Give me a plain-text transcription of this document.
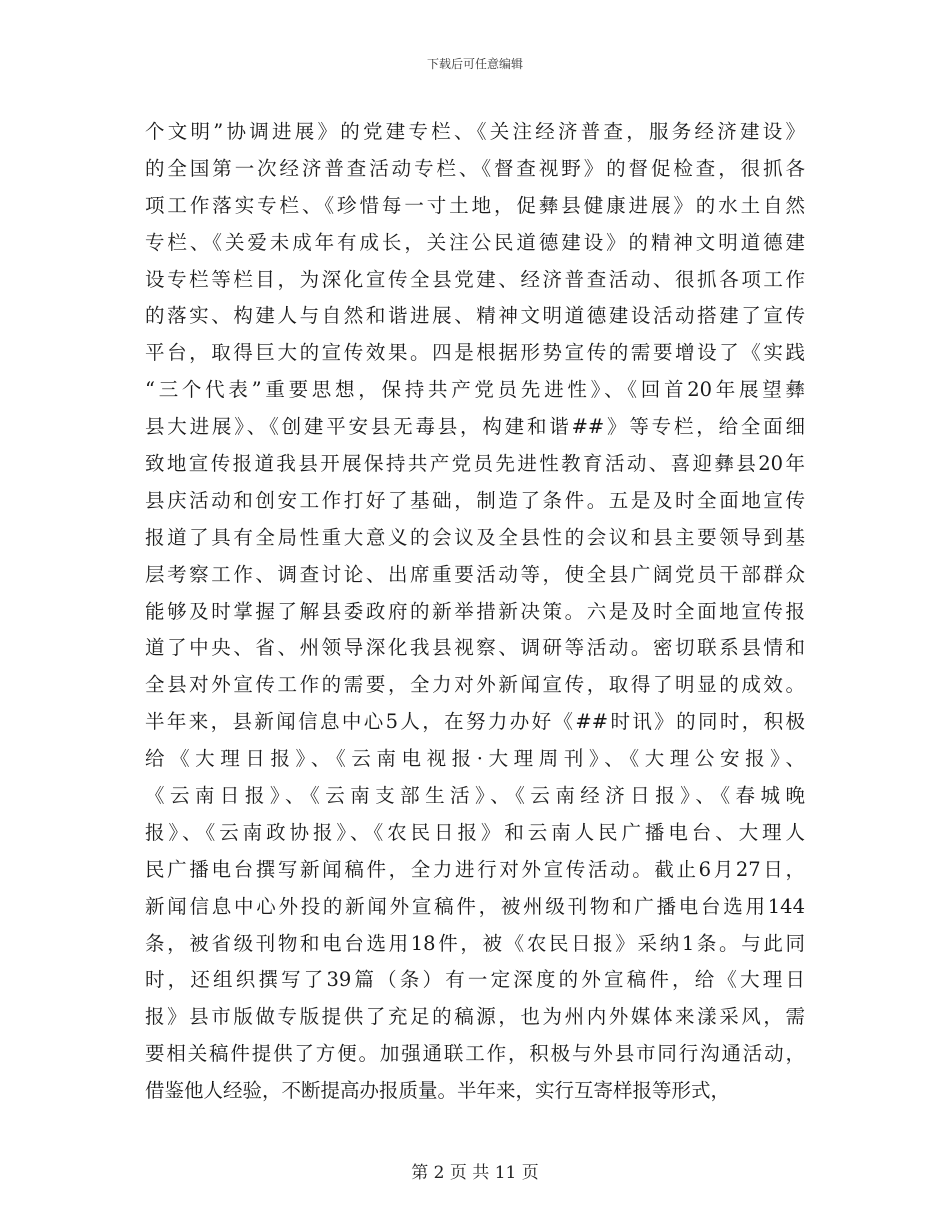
下载后可任意编辑
个文明”协调进展》的党建专栏、《关注经济普查，服务经济建设》
的全国第一次经济普查活动专栏、《督查视野》的督促检查，很抓各
项工作落实专栏、《珍惜每一寸土地，促彝县健康进展》的水土自然
专栏、《关爱未成年有成长，关注公民道德建设》的精神文明道德建
设专栏等栏目，为深化宣传全县党建、经济普查活动、很抓各项工作
的落实、构建人与自然和谐进展、精神文明道德建设活动搭建了宣传
平台，取得巨大的宣传效果。四是根据形势宣传的需要增设了《实践
“三个代表”重要思想，保持共产党员先进性》、《回首20年展望彝
县大进展》、《创建平安县无毒县，构建和谐##》等专栏，给全面细
致地宣传报道我县开展保持共产党员先进性教育活动、喜迎彝县20年
县庆活动和创安工作打好了基础，制造了条件。五是及时全面地宣传
报道了具有全局性重大意义的会议及全县性的会议和县主要领导到基
层考察工作、调查讨论、出席重要活动等，使全县广阔党员干部群众
能够及时掌握了解县委政府的新举措新决策。六是及时全面地宣传报
道了中央、省、州领导深化我县视察、调研等活动。密切联系县情和
全县对外宣传工作的需要，全力对外新闻宣传，取得了明显的成效。
半年来，县新闻信息中心5人，在努力办好《##时讯》的同时，积极
给《大理日报》、《云南电视报·大理周刊》、《大理公安报》、
《云南日报》、《云南支部生活》、《云南经济日报》、《春城晚
报》、《云南政协报》、《农民日报》和云南人民广播电台、大理人
民广播电台撰写新闻稿件，全力进行对外宣传活动。截止6月27日，
新闻信息中心外投的新闻外宣稿件，被州级刊物和广播电台选用144
条，被省级刊物和电台选用18件，被《农民日报》采纳1条。与此同
时，还组织撰写了39篇（条）有一定深度的外宣稿件，给《大理日
报》县市版做专版提供了充足的稿源，也为州内外媒体来漾采风，需
要相关稿件提供了方便。加强通联工作，积极与外县市同行沟通活动，
借鉴他人经验，不断提高办报质量。半年来，实行互寄样报等形式，
第 2 页 共 11 页
